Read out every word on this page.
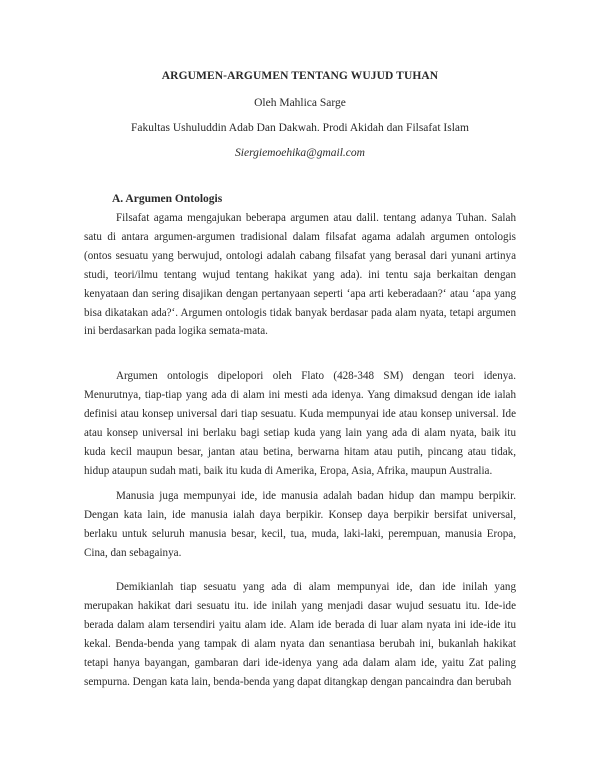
ARGUMEN-ARGUMEN TENTANG WUJUD TUHAN
Oleh Mahlica Sarge
Fakultas Ushuluddin Adab Dan Dakwah. Prodi Akidah dan Filsafat Islam
Siergiemoehika@gmail.com
A. Argumen Ontologis

Filsafat agama mengajukan beberapa argumen atau dalil. tentang adanya Tuhan. Salah satu di antara argumen-argumen tradisional dalam filsafat agama adalah argumen ontologis (ontos sesuatu yang berwujud, ontologi adalah cabang filsafat yang berasal dari yunani artinya studi, teori/ilmu tentang wujud tentang hakikat yang ada). ini tentu saja berkaitan dengan kenyataan dan sering disajikan dengan pertanyaan seperti ‘apa arti keberadaan?‘ atau ‘apa yang bisa dikatakan ada?‘. Argumen ontologis tidak banyak berdasar pada alam nyata, tetapi argumen ini berdasarkan pada logika semata-mata.

Argumen ontologis dipelopori oleh Flato (428-348 SM) dengan teori idenya. Menurutnya, tiap-tiap yang ada di alam ini mesti ada idenya. Yang dimaksud dengan ide ialah definisi atau konsep universal dari tiap sesuatu. Kuda mempunyai ide atau konsep universal. Ide atau konsep universal ini berlaku bagi setiap kuda yang lain yang ada di alam nyata, baik itu kuda kecil maupun besar, jantan atau betina, berwarna hitam atau putih, pincang atau tidak, hidup ataupun sudah mati, baik itu kuda di Amerika, Eropa, Asia, Afrika, maupun Australia.

Manusia juga mempunyai ide, ide manusia adalah badan hidup dan mampu berpikir. Dengan kata lain, ide manusia ialah daya berpikir. Konsep daya berpikir bersifat universal, berlaku untuk seluruh manusia besar, kecil, tua, muda, laki-laki, perempuan, manusia Eropa, Cina, dan sebagainya.

Demikianlah tiap sesuatu yang ada di alam mempunyai ide, dan ide inilah yang merupakan hakikat dari sesuatu itu. ide inilah yang menjadi dasar wujud sesuatu itu. Ide-ide berada dalam alam tersendiri yaitu alam ide. Alam ide berada di luar alam nyata ini ide-ide itu kekal. Benda-benda yang tampak di alam nyata dan senantiasa berubah ini, bukanlah hakikat tetapi hanya bayangan, gambaran dari ide-idenya yang ada dalam alam ide, yaitu Zat paling sempurna. Dengan kata lain, benda-benda yang dapat ditangkap dengan pancaindra dan berubah
